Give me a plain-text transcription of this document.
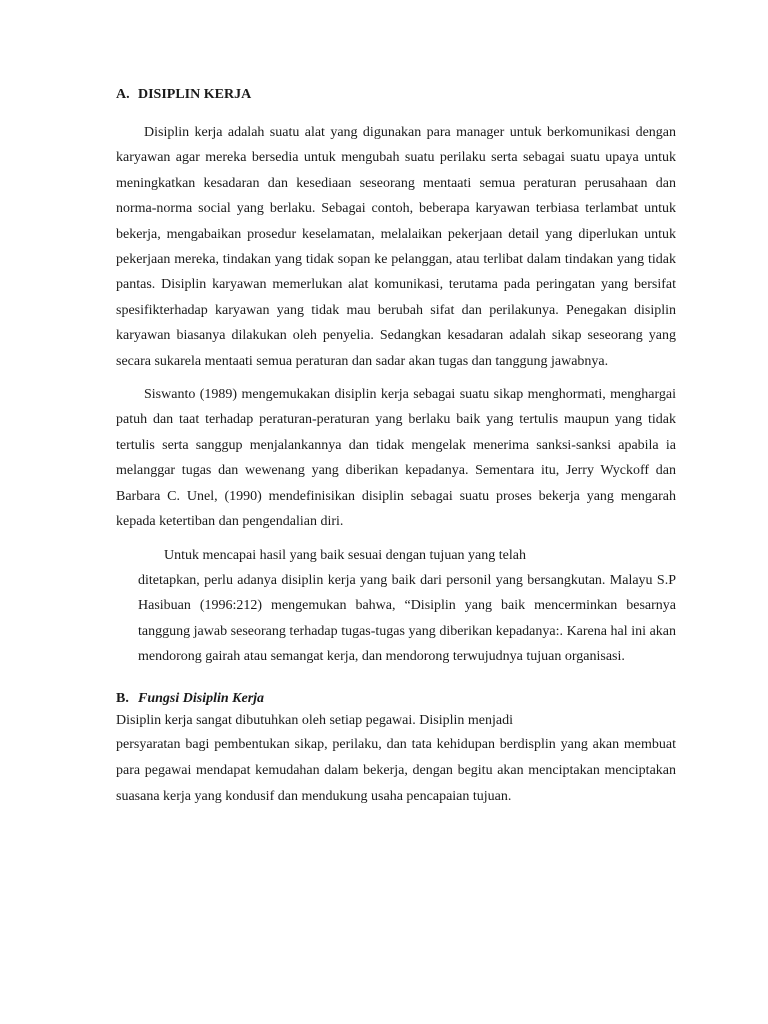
A. DISIPLIN KERJA

Disiplin kerja adalah suatu alat yang digunakan para manager untuk berkomunikasi dengan karyawan agar mereka bersedia untuk mengubah suatu perilaku serta sebagai suatu upaya untuk meningkatkan kesadaran dan kesediaan seseorang mentaati semua peraturan perusahaan dan norma-norma social yang berlaku. Sebagai contoh, beberapa karyawan terbiasa terlambat untuk bekerja, mengabaikan prosedur keselamatan, melalaikan pekerjaan detail yang diperlukan untuk pekerjaan mereka, tindakan yang tidak sopan ke pelanggan, atau terlibat dalam tindakan yang tidak pantas. Disiplin karyawan memerlukan alat komunikasi, terutama pada peringatan yang bersifat spesifikterhadap karyawan yang tidak mau berubah sifat dan perilakunya. Penegakan disiplin karyawan biasanya dilakukan oleh penyelia. Sedangkan kesadaran adalah sikap seseorang yang secara sukarela mentaati semua peraturan dan sadar akan tugas dan tanggung jawabnya.

Siswanto (1989) mengemukakan disiplin kerja sebagai suatu sikap menghormati, menghargai patuh dan taat terhadap peraturan-peraturan yang berlaku baik yang tertulis maupun yang tidak tertulis serta sanggup menjalankannya dan tidak mengelak menerima sanksi-sanksi apabila ia melanggar tugas dan wewenang yang diberikan kepadanya. Sementara itu, Jerry Wyckoff dan Barbara C. Unel, (1990) mendefinisikan disiplin sebagai suatu proses bekerja yang mengarah kepada ketertiban dan pengendalian diri.

Untuk mencapai hasil yang baik sesuai dengan tujuan yang telah

ditetapkan, perlu adanya disiplin kerja yang baik dari personil yang bersangkutan. Malayu S.P Hasibuan (1996:212) mengemukan bahwa, “Disiplin yang baik mencerminkan besarnya tanggung jawab seseorang terhadap tugas-tugas yang diberikan kepadanya:. Karena hal ini akan mendorong gairah atau semangat kerja, dan mendorong terwujudnya tujuan organisasi.

B. Fungsi Disiplin Kerja
Disiplin kerja sangat dibutuhkan oleh setiap pegawai. Disiplin menjadi

persyaratan bagi pembentukan sikap, perilaku, dan tata kehidupan berdisplin yang akan membuat para pegawai mendapat kemudahan dalam bekerja, dengan begitu akan menciptakan menciptakan suasana kerja yang kondusif dan mendukung usaha pencapaian tujuan.
